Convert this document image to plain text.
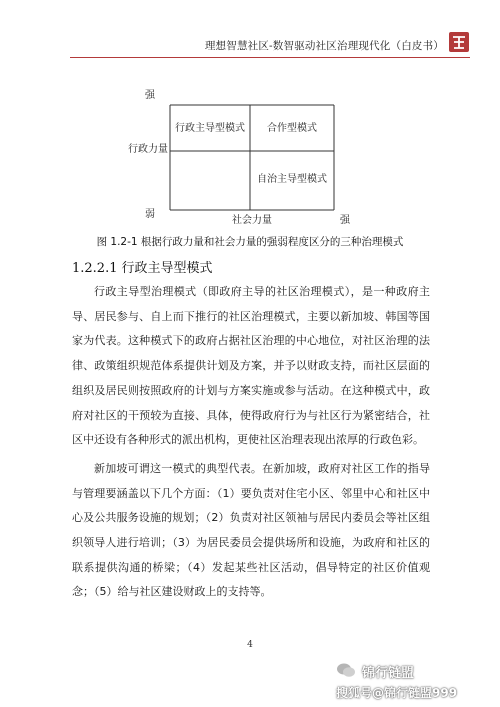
理想智慧社区-数智驱动社区治理现代化（白皮书）
强
行政力量
弱
社会力量	强
行政主导型模式 合作型模式
自治主导型模式
图 1.2-1 根据行政力量和社会力量的强弱程度区分的三种治理模式
1.2.2.1 行政主导型模式

行政主导型治理模式（即政府主导的社区治理模式），是一种政府主导、居民参与、自上而下推行的社区治理模式，主要以新加坡、韩国等国家为代表。这种模式下的政府占据社区治理的中心地位，对社区治理的法律、政策组织规范体系提供计划及方案，并予以财政支持，而社区层面的组织及居民则按照政府的计划与方案实施或参与活动。在这种模式中，政府对社区的干预较为直接、具体，使得政府行为与社区行为紧密结合，社区中还设有各种形式的派出机构，更使社区治理表现出浓厚的行政色彩。

新加坡可谓这一模式的典型代表。在新加坡，政府对社区工作的指导与管理要涵盖以下几个方面：（1）要负责对住宅小区、邻里中心和社区中心及公共服务设施的规划；（2）负责对社区领袖与居民内委员会等社区组织领导人进行培训；（3）为居民委员会提供场所和设施，为政府和社区的联系提供沟通的桥梁；（4）发起某些社区活动，倡导特定的社区价值观念；（5）给与社区建设财政上的支持等。

4
锦行链盟
搜狐号@锦行链盟999
